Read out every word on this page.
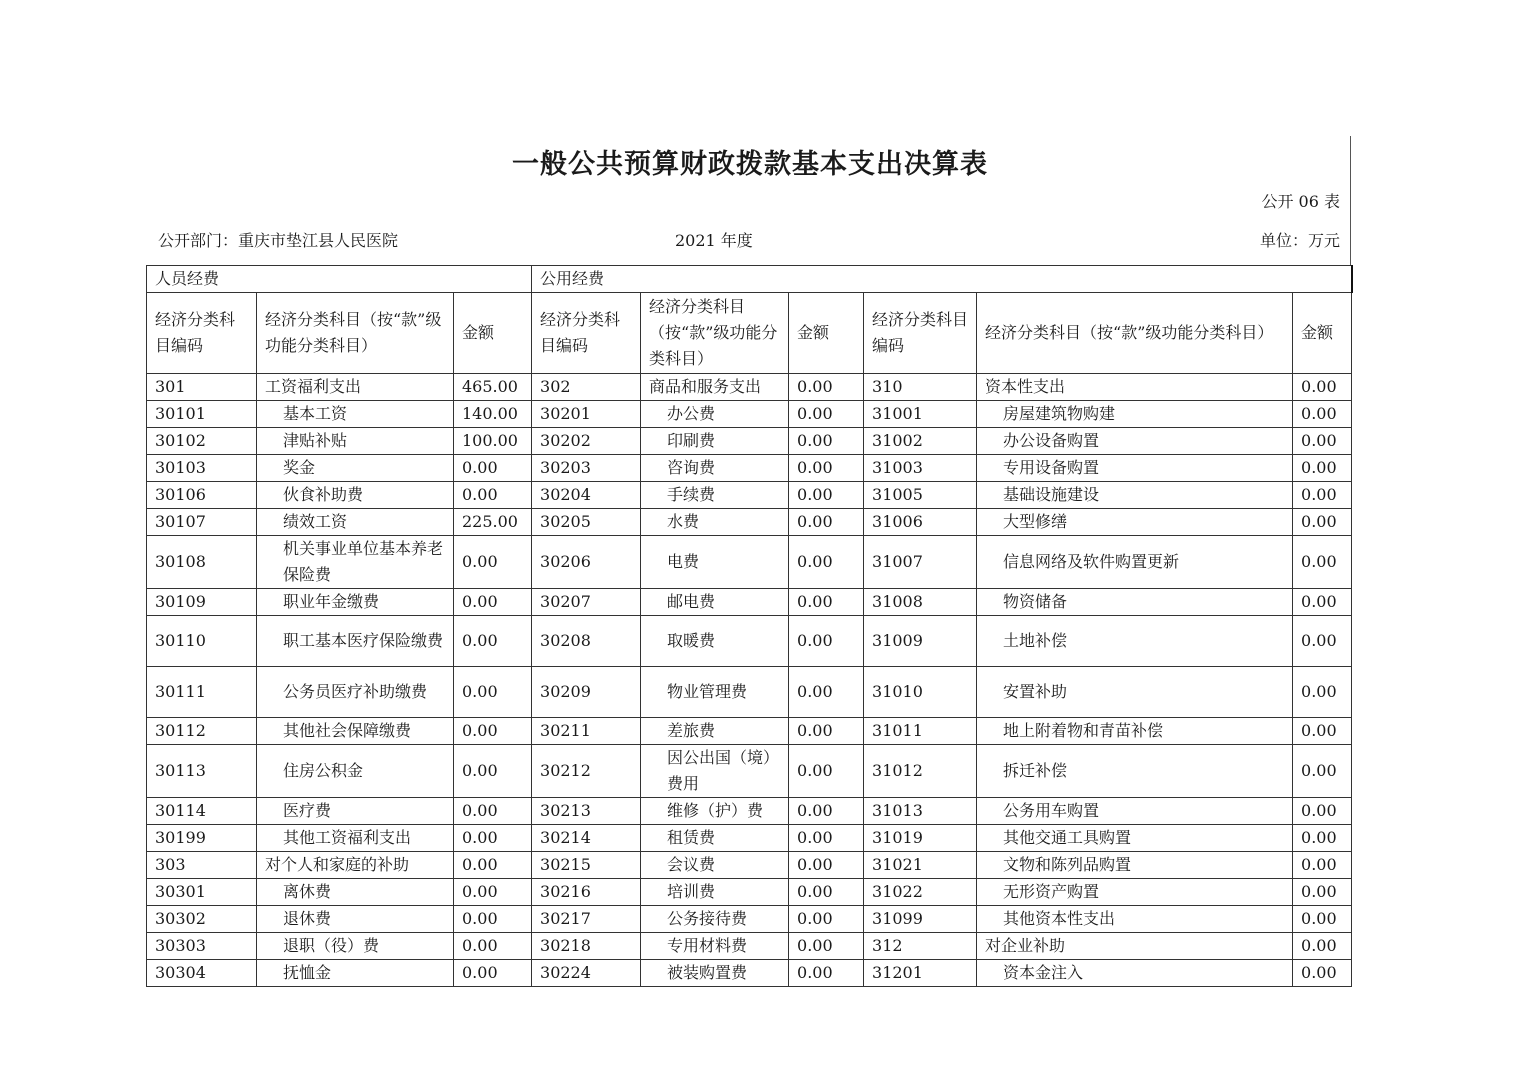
一般公共预算财政拨款基本支出决算表
公开 06 表
公开部门：重庆市垫江县人民医院	2021 年度	单位：万元
人员经费			公用经费					
经济分类科目编码	经济分类科目（按“款”级功能分类科目）	金额	经济分类科目编码	经济分类科目（按“款”级功能分类科目）	金额	经济分类科目编码	经济分类科目（按“款”级功能分类科目）	金额
301	工资福利支出	465.00	302	商品和服务支出	0.00	310	资本性支出	0.00
30101	基本工资	140.00	30201	办公费	0.00	31001	房屋建筑物购建	0.00
30102	津贴补贴	100.00	30202	印刷费	0.00	31002	办公设备购置	0.00
30103	奖金	0.00	30203	咨询费	0.00	31003	专用设备购置	0.00
30106	伙食补助费	0.00	30204	手续费	0.00	31005	基础设施建设	0.00
30107	绩效工资	225.00	30205	水费	0.00	31006	大型修缮	0.00
30108	机关事业单位基本养老保险费	0.00	30206	电费	0.00	31007	信息网络及软件购置更新	0.00
30109	职业年金缴费	0.00	30207	邮电费	0.00	31008	物资储备	0.00
30110	职工基本医疗保险缴费	0.00	30208	取暖费	0.00	31009	土地补偿	0.00
30111	公务员医疗补助缴费	0.00	30209	物业管理费	0.00	31010	安置补助	0.00
30112	其他社会保障缴费	0.00	30211	差旅费	0.00	31011	地上附着物和青苗补偿	0.00
30113	住房公积金	0.00	30212	因公出国（境）费用	0.00	31012	拆迁补偿	0.00
30114	医疗费	0.00	30213	维修（护）费	0.00	31013	公务用车购置	0.00
30199	其他工资福利支出	0.00	30214	租赁费	0.00	31019	其他交通工具购置	0.00
303	对个人和家庭的补助	0.00	30215	会议费	0.00	31021	文物和陈列品购置	0.00
30301	离休费	0.00	30216	培训费	0.00	31022	无形资产购置	0.00
30302	退休费	0.00	30217	公务接待费	0.00	31099	其他资本性支出	0.00
30303	退职（役）费	0.00	30218	专用材料费	0.00	312	对企业补助	0.00
30304	抚恤金	0.00	30224	被装购置费	0.00	31201	资本金注入	0.00
